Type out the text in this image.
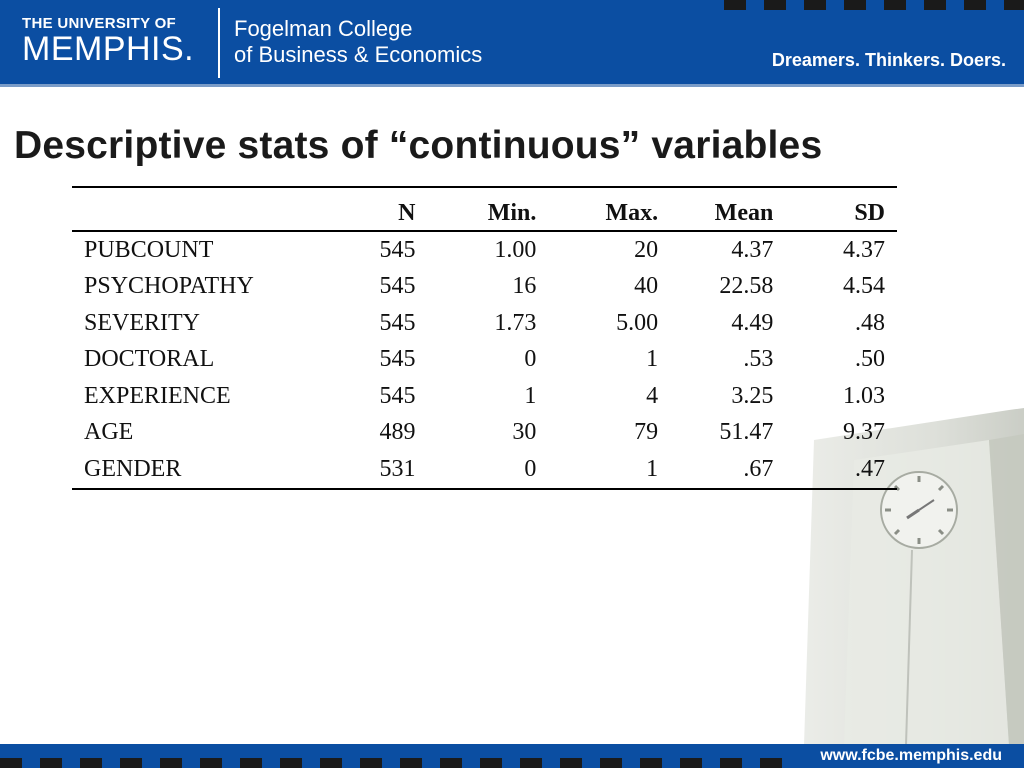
THE UNIVERSITY OF
MEMPHIS.
Fogelman College
of Business & Economics	Dreamers. Thinkers. Doers.
Descriptive stats of “continuous” variables
	N	Min.	Max.	Mean	SD
PUBCOUNT	545	1.00	20	4.37	4.37
PSYCHOPATHY	545	16	40	22.58	4.54
SEVERITY	545	1.73	5.00	4.49	.48
DOCTORAL	545	0	1	.53	.50
EXPERIENCE	545	1	4	3.25	1.03
AGE	489	30	79	51.47	9.37
GENDER	531	0	1	.67	.47
www.fcbe.memphis.edu
